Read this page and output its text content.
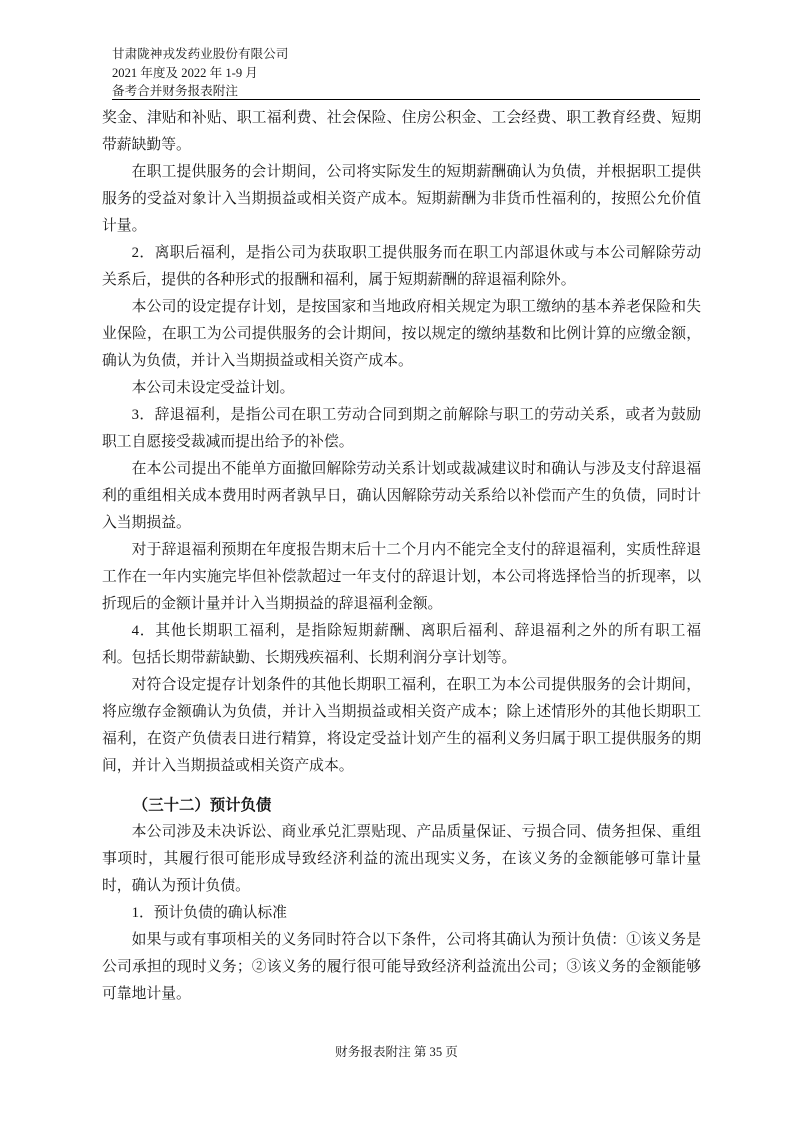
甘肃陇神戎发药业股份有限公司
2021 年度及 2022 年 1-9 月
备考合并财务报表附注

奖金、津贴和补贴、职工福利费、社会保险、住房公积金、工会经费、职工教育经费、短期带薪缺勤等。

在职工提供服务的会计期间，公司将实际发生的短期薪酬确认为负债，并根据职工提供服务的受益对象计入当期损益或相关资产成本。短期薪酬为非货币性福利的，按照公允价值计量。

2．离职后福利，是指公司为获取职工提供服务而在职工内部退休或与本公司解除劳动关系后，提供的各种形式的报酬和福利，属于短期薪酬的辞退福利除外。

本公司的设定提存计划，是按国家和当地政府相关规定为职工缴纳的基本养老保险和失业保险，在职工为公司提供服务的会计期间，按以规定的缴纳基数和比例计算的应缴金额，确认为负债，并计入当期损益或相关资产成本。

本公司未设定受益计划。

3．辞退福利，是指公司在职工劳动合同到期之前解除与职工的劳动关系，或者为鼓励职工自愿接受裁减而提出给予的补偿。

在本公司提出不能单方面撤回解除劳动关系计划或裁减建议时和确认与涉及支付辞退福利的重组相关成本费用时两者孰早日，确认因解除劳动关系给以补偿而产生的负债，同时计入当期损益。

对于辞退福利预期在年度报告期末后十二个月内不能完全支付的辞退福利，实质性辞退工作在一年内实施完毕但补偿款超过一年支付的辞退计划，本公司将选择恰当的折现率，以折现后的金额计量并计入当期损益的辞退福利金额。

4．其他长期职工福利，是指除短期薪酬、离职后福利、辞退福利之外的所有职工福利。包括长期带薪缺勤、长期残疾福利、长期利润分享计划等。

对符合设定提存计划条件的其他长期职工福利，在职工为本公司提供服务的会计期间，将应缴存金额确认为负债，并计入当期损益或相关资产成本；除上述情形外的其他长期职工福利，在资产负债表日进行精算，将设定受益计划产生的福利义务归属于职工提供服务的期间，并计入当期损益或相关资产成本。

（三十二）预计负债

本公司涉及未决诉讼、商业承兑汇票贴现、产品质量保证、亏损合同、债务担保、重组事项时，其履行很可能形成导致经济利益的流出现实义务，在该义务的金额能够可靠计量时，确认为预计负债。

1．预计负债的确认标准

如果与或有事项相关的义务同时符合以下条件，公司将其确认为预计负债：①该义务是公司承担的现时义务；②该义务的履行很可能导致经济利益流出公司；③该义务的金额能够可靠地计量。

财务报表附注 第 35 页
